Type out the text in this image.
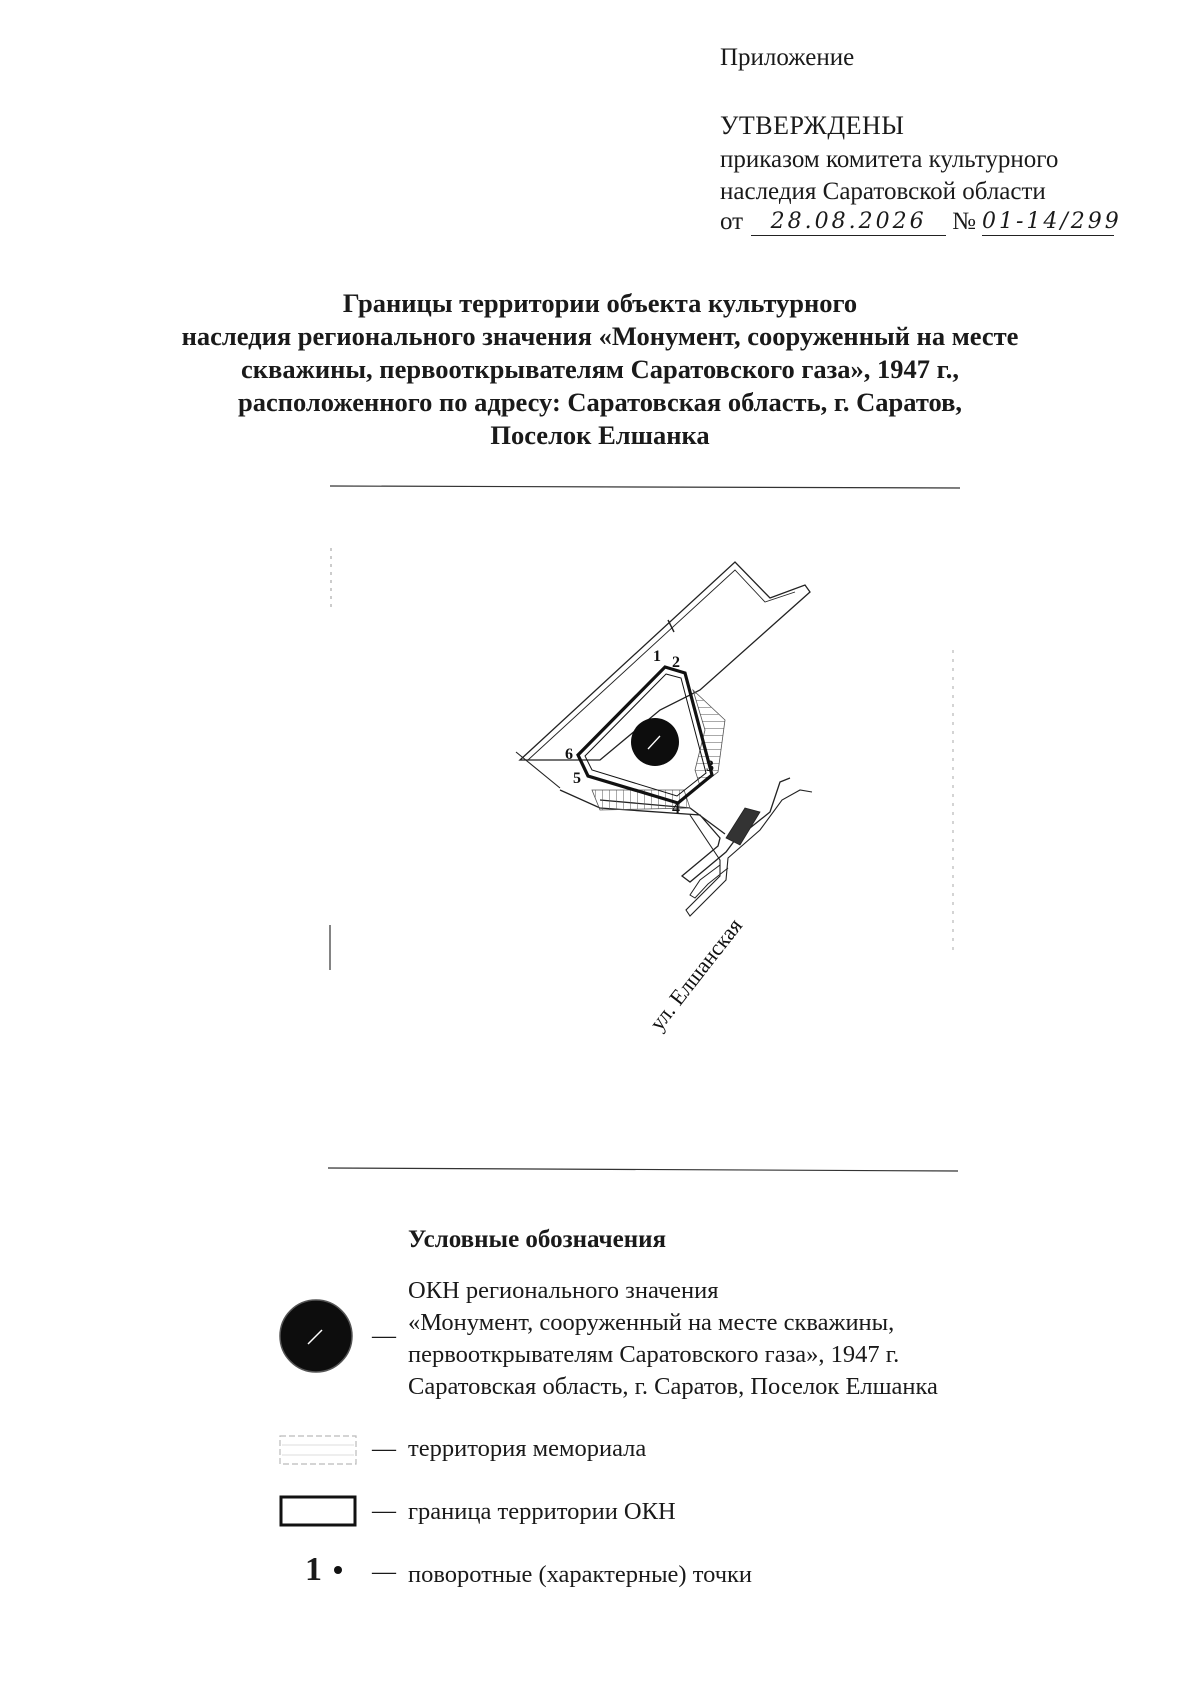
Приложение
УТВЕРЖДЕНЫ
приказом комитета культурного
наследия Саратовской области
от	28.08.2026	№ 01-14/299
Границы территории объекта культурного
наследия регионального значения «Монумент, сооруженный на месте
скважины, первооткрывателям Саратовского газа», 1947 г.,
расположенного по адресу: Саратовская область, г. Саратов,
Поселок Елшанка
1 2
3
4
5
6
ул. Елшанская
Условные обозначения
—
ОКН регионального значения
«Монумент, сооруженный на месте скважины,
первооткрывателям Саратовского газа», 1947 г.
Саратовская область, г. Саратов, Поселок Елшанка
— территория мемориала
— граница территории ОКН
1 — поворотные (характерные) точки
